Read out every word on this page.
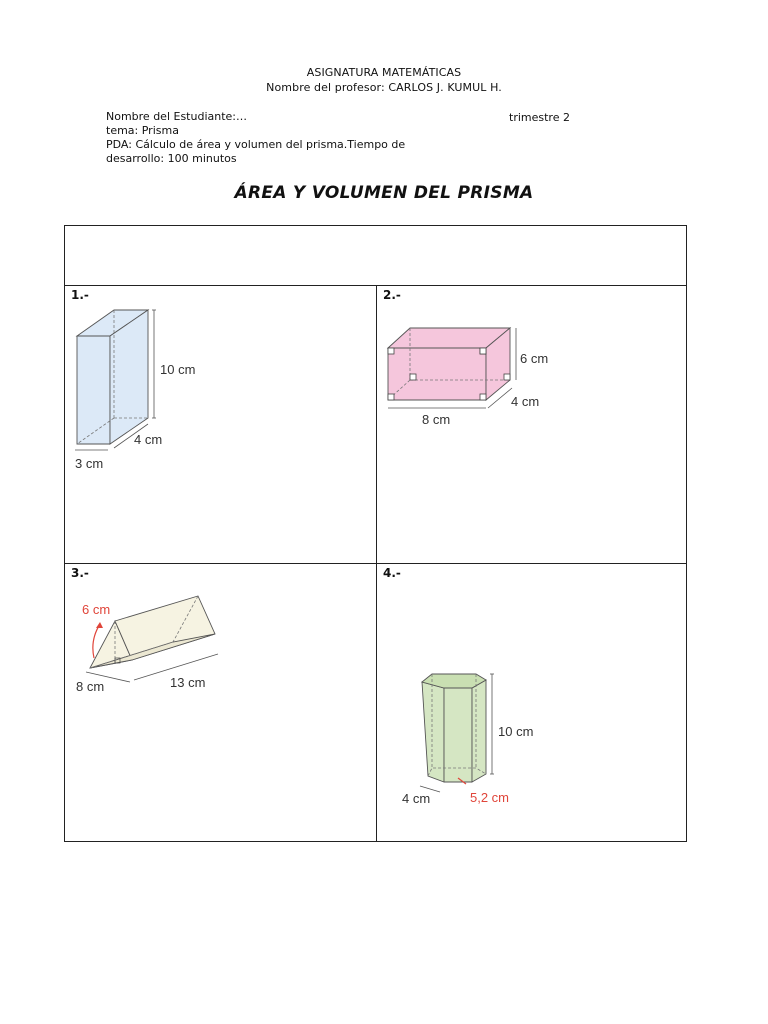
ASIGNATURA MATEMÁTICAS
Nombre del profesor: CARLOS J. KUMUL H.
Nombre del Estudiante:…	trimestre 2
tema: Prisma
PDA: Cálculo de área y volumen del prisma.Tiempo de
desarrollo: 100 minutos
ÁREA Y VOLUMEN DEL PRISMA
1.-	2.-
3.-	4.-
10 cm
4 cm
3 cm
6 cm
4 cm
8 cm
6 cm
8 cm	13 cm
10 cm
4 cm	5,2 cm
